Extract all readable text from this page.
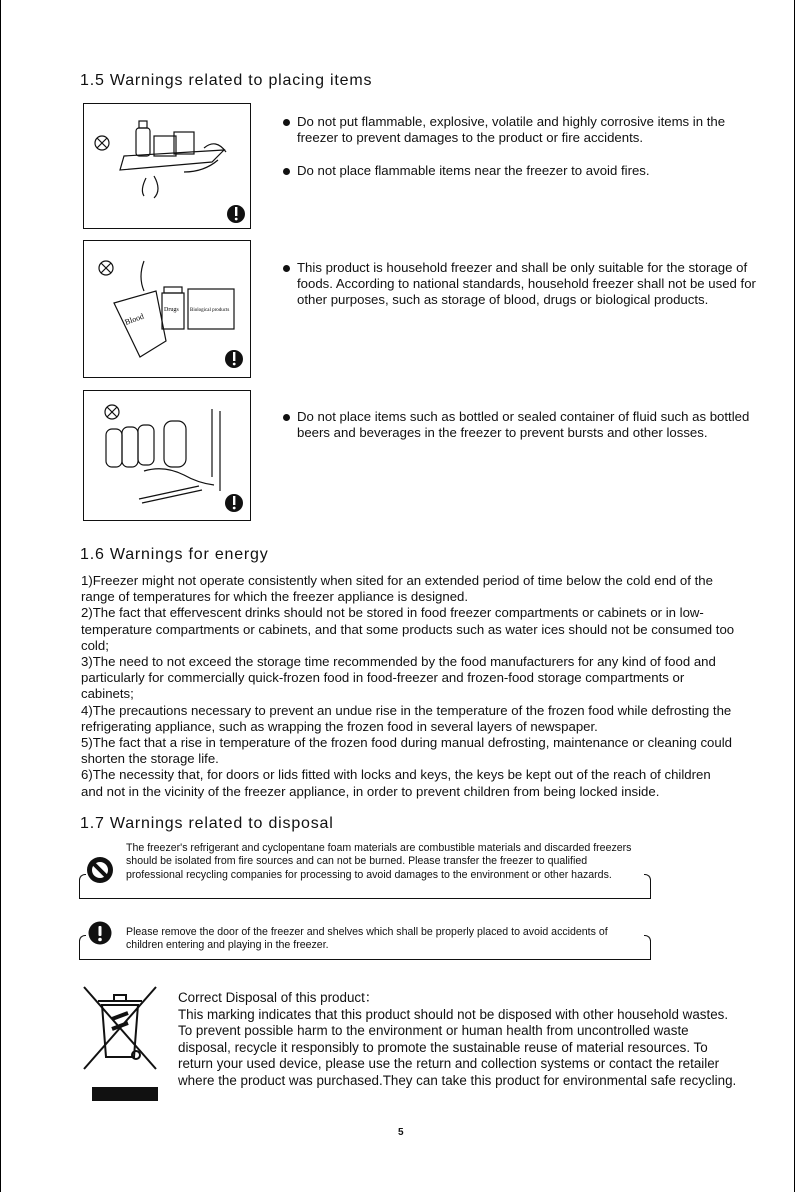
1.5 Warnings related to placing items
Do not put flammable, explosive, volatile and highly corrosive items in the freezer to prevent damages to the product or fire accidents.
Do not place flammable items near the freezer to avoid fires.
Blood
Drugs Biological products
This product is household freezer and shall be only suitable for the storage of foods. According to national standards, household freezer shall not be used for other purposes, such as storage of blood, drugs or biological products.
Do not place items such as bottled or sealed container of fluid such as bottled beers and beverages in the freezer to prevent bursts and other losses.
1.6 Warnings for energy

1)Freezer might not operate consistently when sited for an extended period of time below the cold end of the range of temperatures for which the freezer appliance is designed.

2)The fact that effervescent drinks should not be stored in food freezer compartments or cabinets or in low-temperature compartments or cabinets, and that some products such as water ices should not be consumed too cold;

3)The need to not exceed the storage time recommended by the food manufacturers for any kind of food and particularly for commercially quick-frozen food in food-freezer and frozen-food storage compartments or cabinets;

4)The precautions necessary to prevent an undue rise in the temperature of the frozen food while defrosting the refrigerating appliance, such as wrapping the frozen food in several layers of newspaper.

5)The fact that a rise in temperature of the frozen food during manual defrosting, maintenance or cleaning could shorten the storage life.

6)The necessity that, for doors or lids fitted with locks and keys, the keys be kept out of the reach of children and not in the vicinity of the freezer appliance, in order to prevent children from being locked inside.

1.7 Warnings related to disposal
The freezer's refrigerant and cyclopentane foam materials are combustible materials and discarded freezers should be isolated from fire sources and can not be burned. Please transfer the freezer to qualified professional recycling companies for processing to avoid damages to the environment or other hazards.
Please remove the door of the freezer and shelves which shall be properly placed to avoid accidents of children entering and playing in the freezer.

Correct Disposal of this product：

This marking indicates that this product should not be disposed with other household wastes. To prevent possible harm to the environment or human health from uncontrolled waste disposal, recycle it responsibly to promote the sustainable reuse of material resources. To return your used device, please use the return and collection systems or contact the retailer where the product was purchased.They can take this product for environmental safe recycling.

5
